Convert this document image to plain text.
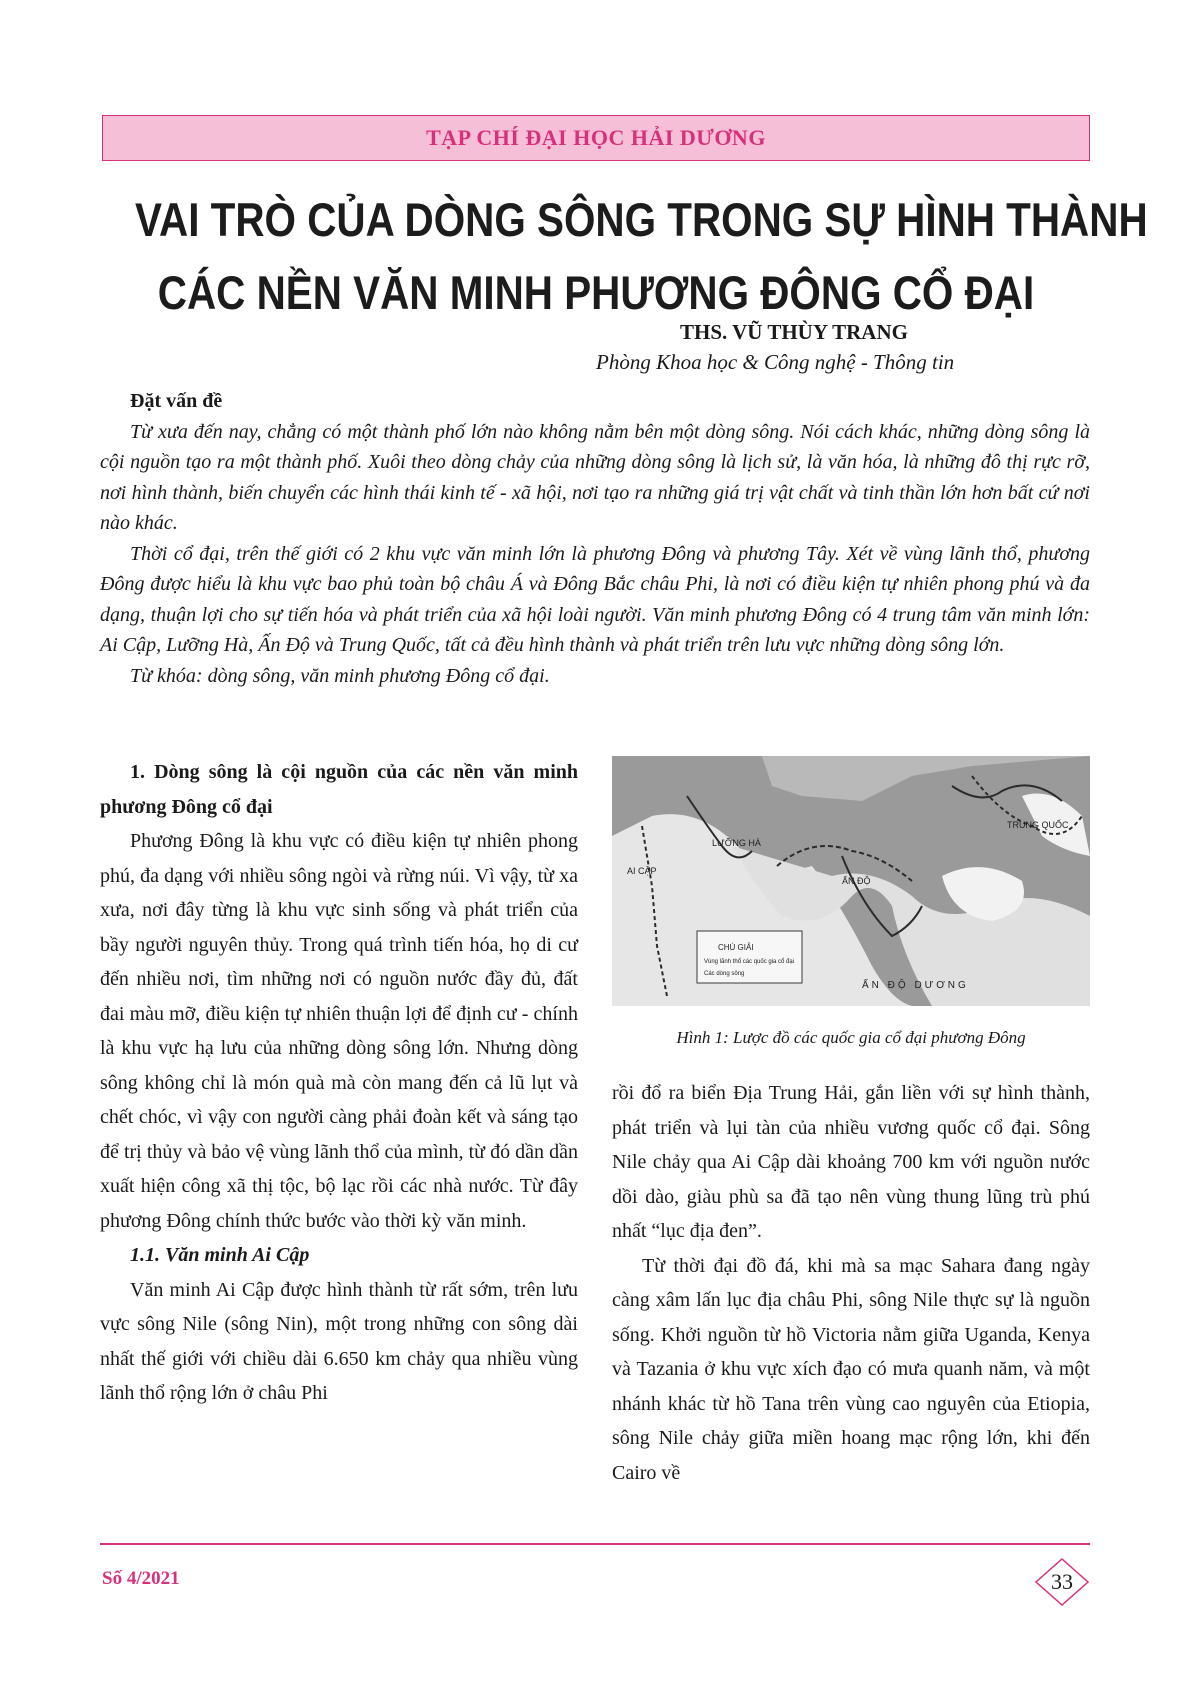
TẠP CHÍ ĐẠI HỌC HẢI DƯƠNG
VAI TRÒ CỦA DÒNG SÔNG TRONG SỰ HÌNH THÀNH
CÁC NỀN VĂN MINH PHƯƠNG ĐÔNG CỔ ĐẠI
THS. VŨ THÙY TRANG
Phòng Khoa học & Công nghệ - Thông tin
Đặt vấn đề

Từ xưa đến nay, chẳng có một thành phố lớn nào không nằm bên một dòng sông. Nói cách khác, những dòng sông là cội nguồn tạo ra một thành phố. Xuôi theo dòng chảy của những dòng sông là lịch sử, là văn hóa, là những đô thị rực rỡ, nơi hình thành, biến chuyển các hình thái kinh tế - xã hội, nơi tạo ra những giá trị vật chất và tinh thần lớn hơn bất cứ nơi nào khác.

Thời cổ đại, trên thế giới có 2 khu vực văn minh lớn là phương Đông và phương Tây. Xét về vùng lãnh thổ, phương Đông được hiểu là khu vực bao phủ toàn bộ châu Á và Đông Bắc châu Phi, là nơi có điều kiện tự nhiên phong phú và đa dạng, thuận lợi cho sự tiến hóa và phát triển của xã hội loài người. Văn minh phương Đông có 4 trung tâm văn minh lớn: Ai Cập, Lưỡng Hà, Ấn Độ và Trung Quốc, tất cả đều hình thành và phát triển trên lưu vực những dòng sông lớn.

Từ khóa: dòng sông, văn minh phương Đông cổ đại.

1. Dòng sông là cội nguồn của các nền văn minh phương Đông cổ đại

Phương Đông là khu vực có điều kiện tự nhiên phong phú, đa dạng với nhiều sông ngòi và rừng núi. Vì vậy, từ xa xưa, nơi đây từng là khu vực sinh sống và phát triển của bầy người nguyên thủy. Trong quá trình tiến hóa, họ di cư đến nhiều nơi, tìm những nơi có nguồn nước đầy đủ, đất đai màu mỡ, điều kiện tự nhiên thuận lợi để định cư - chính là khu vực hạ lưu của những dòng sông lớn. Nhưng dòng sông không chỉ là món quà mà còn mang đến cả lũ lụt và chết chóc, vì vậy con người càng phải đoàn kết và sáng tạo để trị thủy và bảo vệ vùng lãnh thổ của mình, từ đó dần dần xuất hiện công xã thị tộc, bộ lạc rồi các nhà nước. Từ đây phương Đông chính thức bước vào thời kỳ văn minh.

1.1. Văn minh Ai Cập

Văn minh Ai Cập được hình thành từ rất sớm, trên lưu vực sông Nile (sông Nin), một trong những con sông dài nhất thế giới với chiều dài 6.650 km chảy qua nhiều vùng lãnh thổ rộng lớn ở châu Phi

CHÚ GIẢI
Vùng lãnh thổ các quốc gia cổ đại
Các dòng sông
AI CẬP
LƯỠNG HÀ
ẤN ĐỘ
TRUNG QUỐC
ẤN ĐỘ DƯƠNG
Hình 1: Lược đồ các quốc gia cổ đại phương Đông

rồi đổ ra biển Địa Trung Hải, gắn liền với sự hình thành, phát triển và lụi tàn của nhiều vương quốc cổ đại. Sông Nile chảy qua Ai Cập dài khoảng 700 km với nguồn nước dồi dào, giàu phù sa đã tạo nên vùng thung lũng trù phú nhất “lục địa đen”.

Từ thời đại đồ đá, khi mà sa mạc Sahara đang ngày càng xâm lấn lục địa châu Phi, sông Nile thực sự là nguồn sống. Khởi nguồn từ hồ Victoria nằm giữa Uganda, Kenya và Tazania ở khu vực xích đạo có mưa quanh năm, và một nhánh khác từ hồ Tana trên vùng cao nguyên của Etiopia, sông Nile chảy giữa miền hoang mạc rộng lớn, khi đến Cairo về

Số 4/2021	33
